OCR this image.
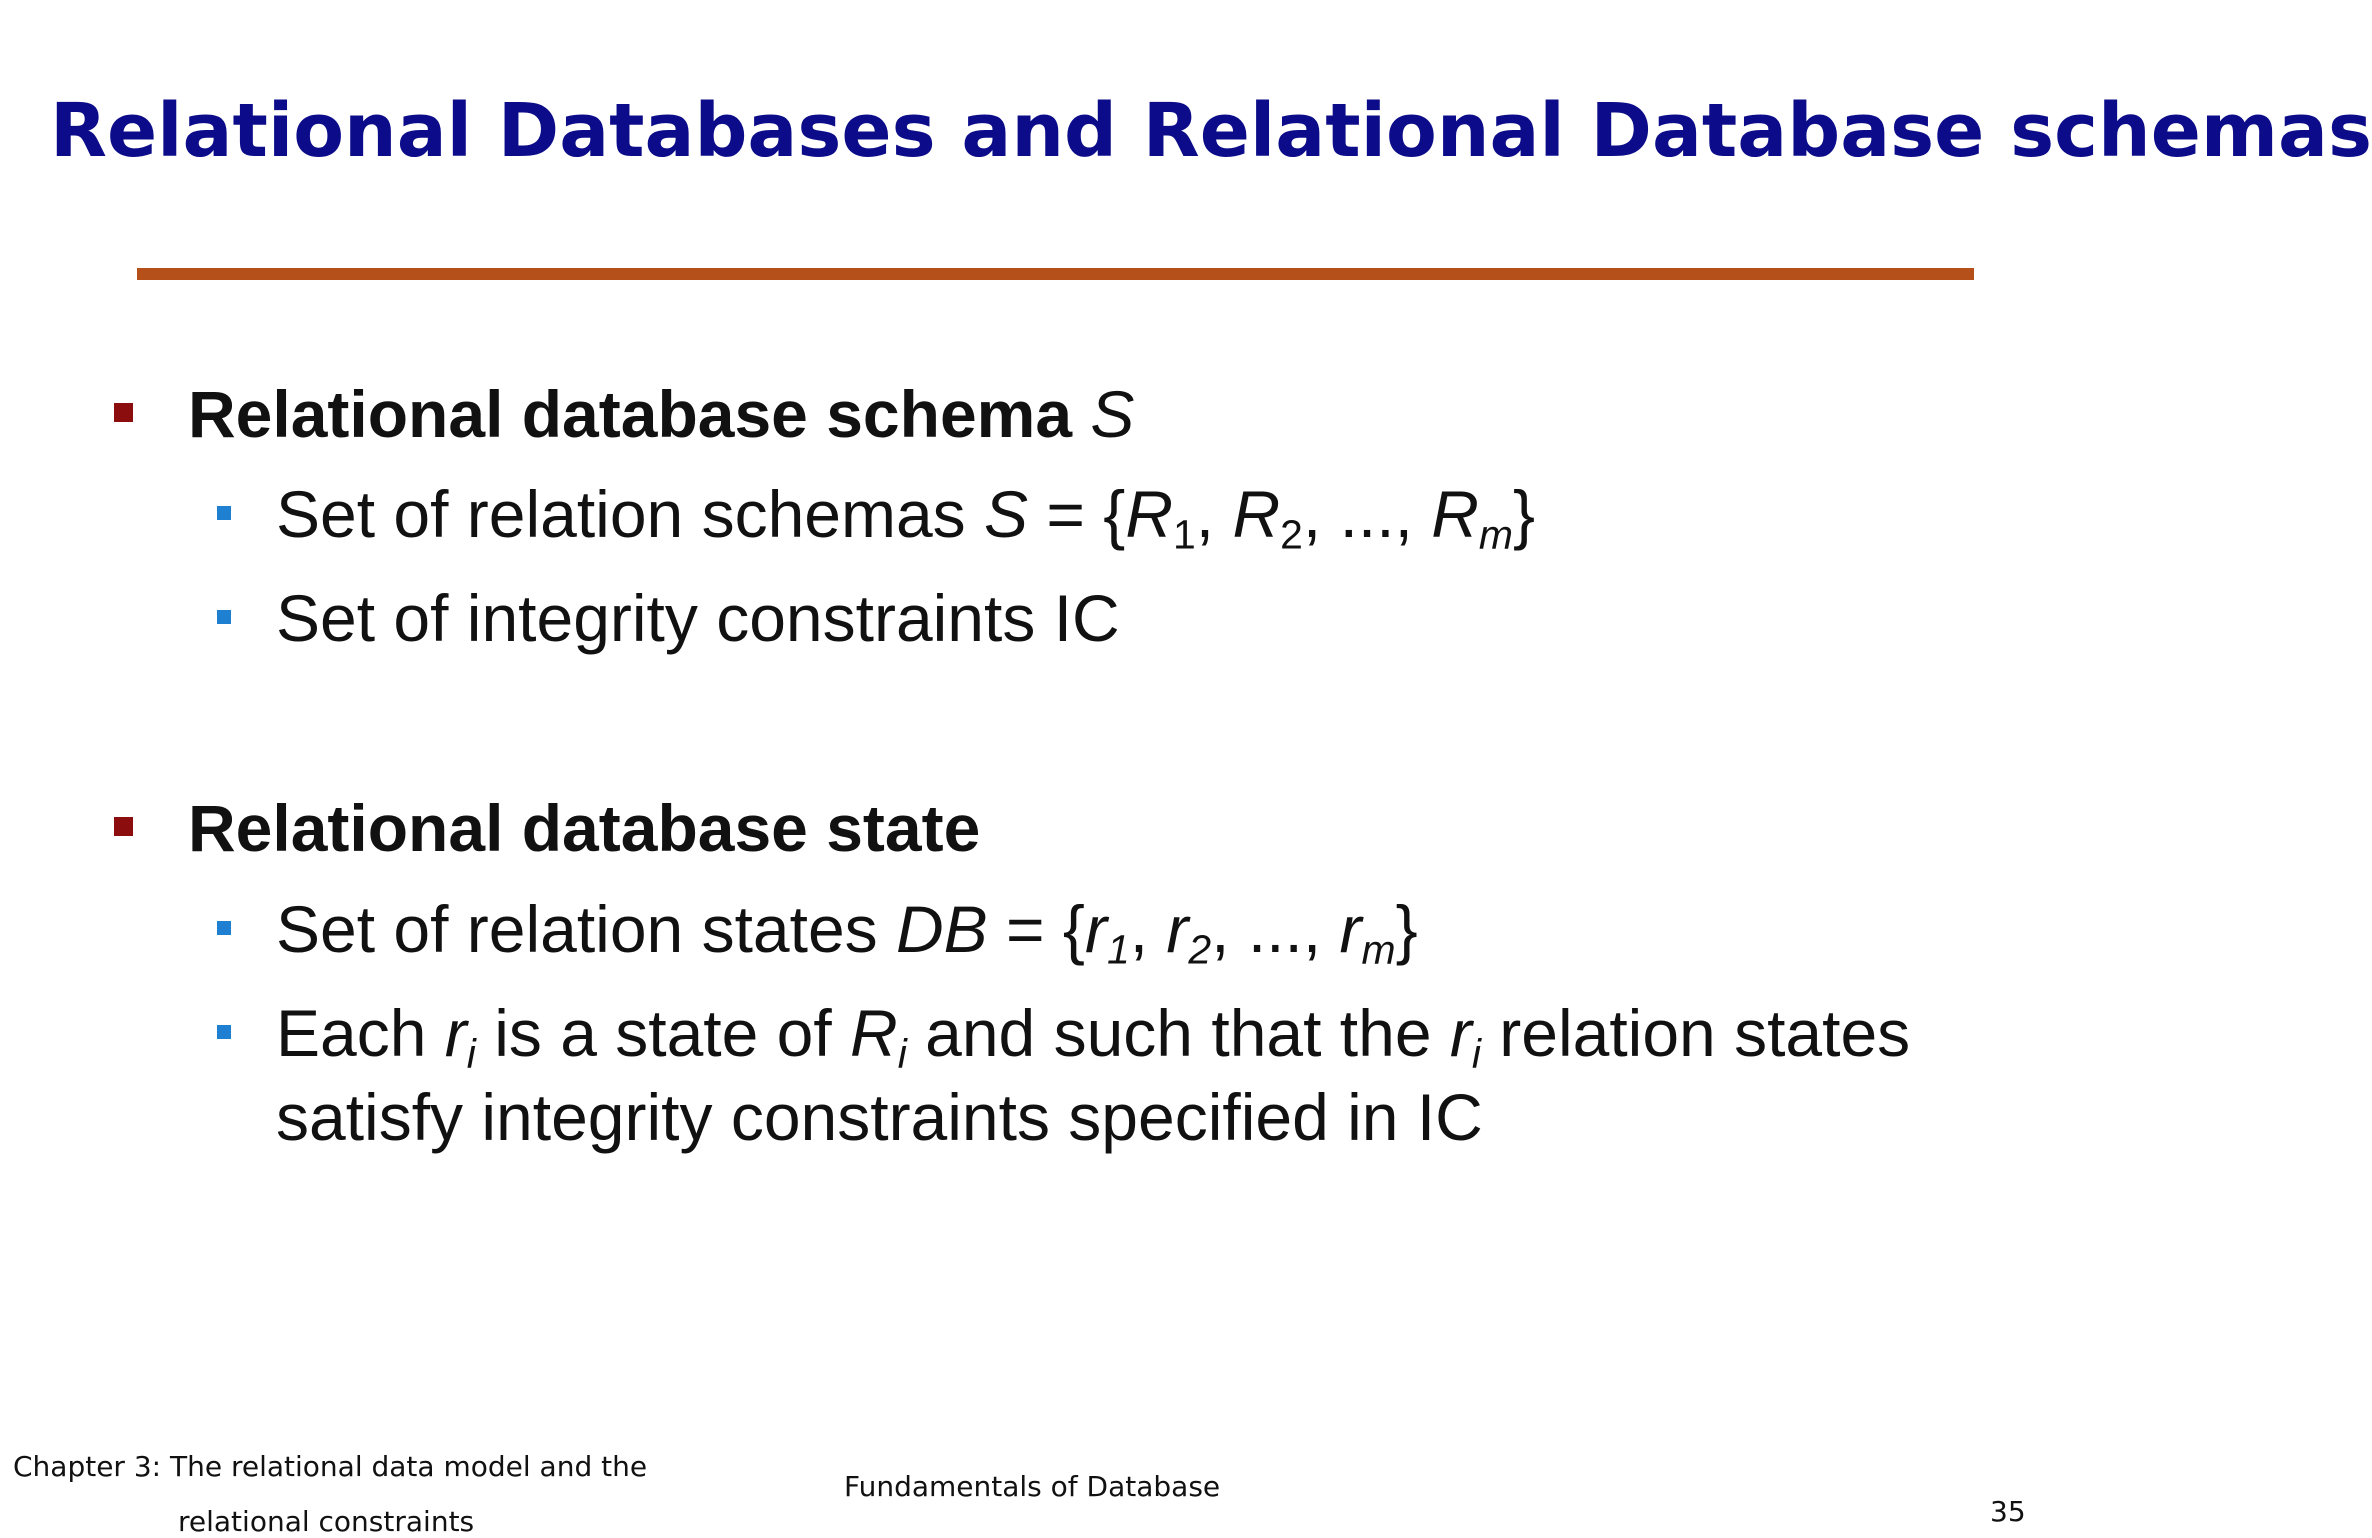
Relational Databases and Relational Database schemas
Relational database schema S
Set of relation schemas $S = \{R_1$, $R_2$, ..., $R_m$}
Set of integrity constraints IC
Relational database state
Set of relation states DB = {$r_1$, $r_2$, ..., $r_m$}
Each $r_i$ is a state of $R_i$ and such that the $r_i$ relation states
satisfy integrity constraints specified in IC
Chapter 3: The relational data model and the
relational constraints
Fundamentals of Database
35
